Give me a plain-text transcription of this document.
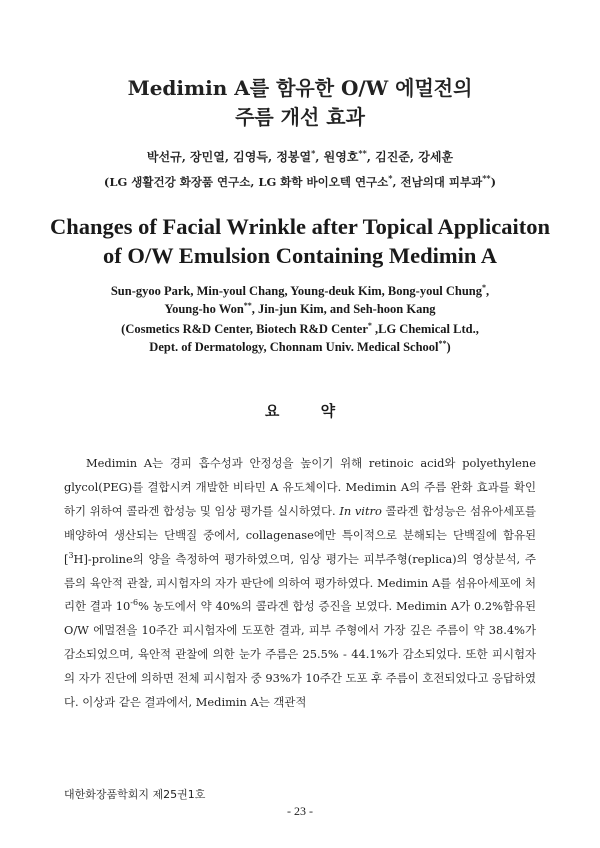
Medimin A를 함유한 O/W 에멀전의
주름 개선 효과
박선규, 장민열, 김영득, 정봉열*, 원영호**, 김진준, 강세훈
(LG 생활건강 화장품 연구소, LG 화학 바이오텍 연구소*, 전남의대 피부과**)
Changes of Facial Wrinkle after Topical Applicaiton
of O/W Emulsion Containing Medimin A
Sun-gyoo Park, Min-youl Chang, Young-deuk Kim, Bong-youl Chung*,
Young-ho Won**, Jin-jun Kim, and Seh-hoon Kang
(Cosmetics R&D Center, Biotech R&D Center* ,LG Chemical Ltd.,
Dept. of Dermatology, Chonnam Univ. Medical School**)
요 약

Medimin A는 경피 흡수성과 안정성을 높이기 위해 retinoic acid와 polyethylene glycol(PEG)를 결합시켜 개발한 비타민 A 유도체이다. Medimin A의 주름 완화 효과를 확인하기 위하여 콜라겐 합성능 및 임상 평가를 실시하였다. In vitro 콜라겐 합성능은 섬유아세포를 배양하여 생산되는 단백질 중에서, collagenase에만 특이적으로 분해되는 단백질에 함유된 [$^3$H]-proline의 양을 측정하여 평가하였으며, 임상 평가는 피부주형(replica)의 영상분석, 주름의 육안적 관찰, 피시험자의 자가 판단에 의하여 평가하였다. Medimin A를 섬유아세포에 처리한 결과 $10^{-6}\%$ 농도에서 약 40%의 콜라겐 합성 증진을 보였다. Medimin A가 0.2%함유된 O/W 에멀젼을 10주간 피시험자에 도포한 결과, 피부 주형에서 가장 깊은 주름이 약 38.4%가 감소되었으며, 육안적 관찰에 의한 눈가 주름은 25.5% - 44.1%가 감소되었다. 또한 피시험자의 자가 진단에 의하면 전체 피시험자 중 93%가 10주간 도포 후 주름이 호전되었다고 응답하였다. 이상과 같은 결과에서, Medimin A는 객관적

대한화장품학회지 제25권1호
- 23 -
